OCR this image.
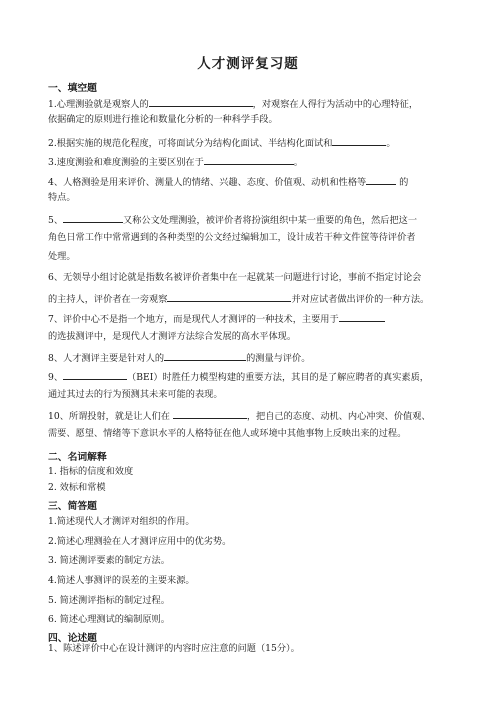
人才测评复习题
一、填空题
1.心理测验就是观察人的	，对观察在人得行为活动中的心理特征，
依据确定的原则进行推论和数量化分析的一种科学手段。
2.根据实施的规范化程度，可将面试分为结构化面试、半结构化面试和	。
3.速度测验和难度测验的主要区别在于	。
4、人格测验是用来评价、测量人的情绪、兴趣、态度、价值观、动机和性格等	的
特点。
5、	又称公文处理测验，被评价者将扮演组织中某一重要的角色，然后把这一
角色日常工作中常常遇到的各种类型的公文经过编辑加工，设计成若干种文件筐等待评价者
处理。
6、无领导小组讨论就是指数名被评价者集中在一起就某一问题进行讨论，事前不指定讨论会
的主持人，评价者在一旁观察	并对应试者做出评价的一种方法。
7、评价中心不是指一个地方，而是现代人才测评的一种技术，主要用于
的选拔测评中，是现代人才测评方法综合发展的高水平体现。
8、人才测评主要是针对人的	的测量与评价。
9、	（BEI）时胜任力模型构建的重要方法，其目的是了解应聘者的真实素质，
通过其过去的行为预测其未来可能的表现。
10、所谓投射，就是让人们在	，把自己的态度、动机、内心冲突、价值观、
需要、愿望、情绪等下意识水平的人格特征在他人或环境中其他事物上反映出来的过程。
二、名词解释
1. 指标的信度和效度
2. 效标和常模
三、简答题
1.简述现代人才测评对组织的作用。
2.简述心理测验在人才测评应用中的优劣势。
3. 简述测评要素的制定方法。
4.简述人事测评的误差的主要来源。
5. 简述测评指标的制定过程。
6. 简述心理测试的编制原则。
四、论述题
1、陈述评价中心在设计测评的内容时应注意的问题（15分）。
